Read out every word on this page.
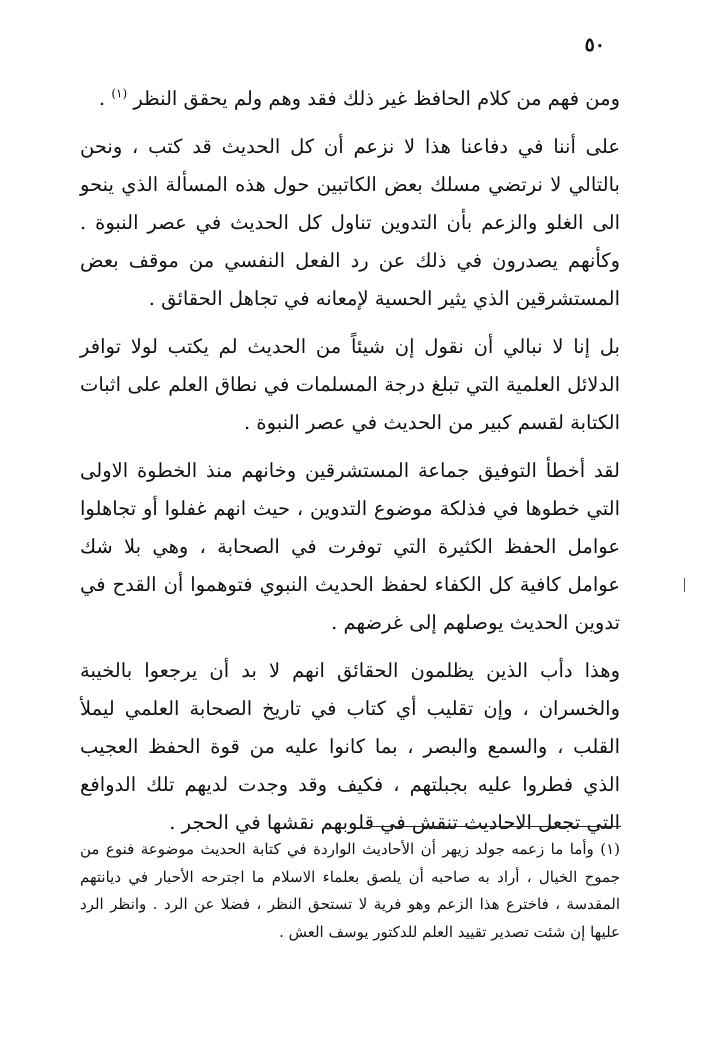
٥٠

ومن فهم من كلام الحافظ غير ذلك فقد وهم ولم يحقق النظر $^{(١)}$ .

على أننا في دفاعنا هذا لا نزعم أن كل الحديث قد كتب ، ونحن بالتالي لا نرتضي مسلك بعض الكاتبين حول هذه المسألة الذي ينحو الى الغلو والزعم بأن التدوين تناول كل الحديث في عصر النبوة . وكأنهم يصدرون في ذلك عن رد الفعل النفسي من موقف بعض المستشرقين الذي يثير الحسية لإمعانه في تجاهل الحقائق .

بل إنا لا نبالي أن نقول إن شيئاً من الحديث لم يكتب لولا توافر الدلائل العلمية التي تبلغ درجة المسلمات في نطاق العلم على اثبات الكتابة لقسم كبير من الحديث في عصر النبوة .

لقد أخطأ التوفيق جماعة المستشرقين وخانهم منذ الخطوة الاولى التي خطوها في فذلكة موضوع التدوين ، حيث انهم غفلوا أو تجاهلوا عوامل الحفظ الكثيرة التي توفرت في الصحابة ، وهي بلا شك عوامل كافية كل الكفاء لحفظ الحديث النبوي فتوهموا أن القدح في تدوين الحديث يوصلهم إلى غرضهم .

وهذا دأب الذين يظلمون الحقائق انهم لا بد أن يرجعوا بالخيبة والخسران ، وإن تقليب أي كتاب في تاريخ الصحابة العلمي ليملأ القلب ، والسمع والبصر ، بما كانوا عليه من قوة الحفظ العجيب الذي فطروا عليه بجبلتهم ، فكيف وقد وجدت لديهم تلك الدوافع التي تجعل الاحاديث تنقش في قلوبهم نقشها في الحجر .

(١) وأما ما زعمه جولد زيهر أن الأحاديث الواردة في كتابة الحديث موضوعة فنوع من جموح الخيال ، أراد به صاحبه أن يلصق بعلماء الاسلام ما اجترحه الأحبار في ديانتهم المقدسة ، فاخترع هذا الزعم وهو فرية لا تستحق النظر ، فضلا عن الرد . وانظر الرد عليها إن شئت تصدير تقييد العلم للدكتور يوسف العش .
